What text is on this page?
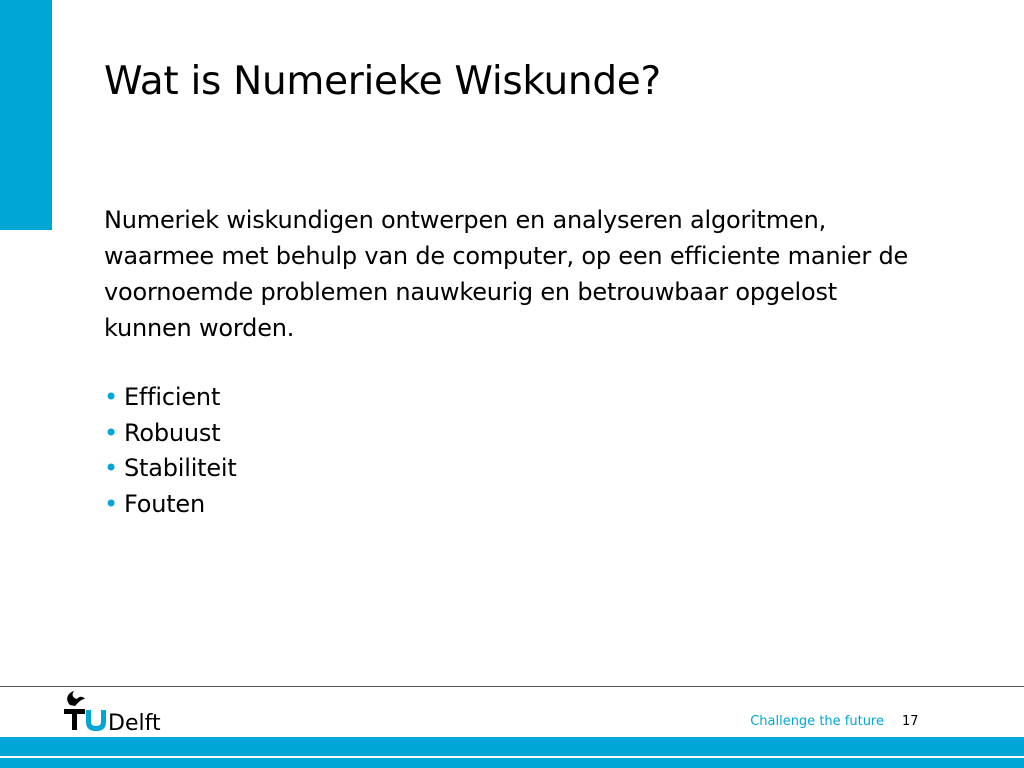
Wat is Numerieke Wiskunde?

Numeriek wiskundigen ontwerpen en analyseren algoritmen, waarmee met behulp van de computer, op een efficiente manier de voornoemde problemen nauwkeurig en betrouwbaar opgelost kunnen worden.

• Efficient
• Robuust
• Stabiliteit
• Fouten
Delft	Challenge the future 17
